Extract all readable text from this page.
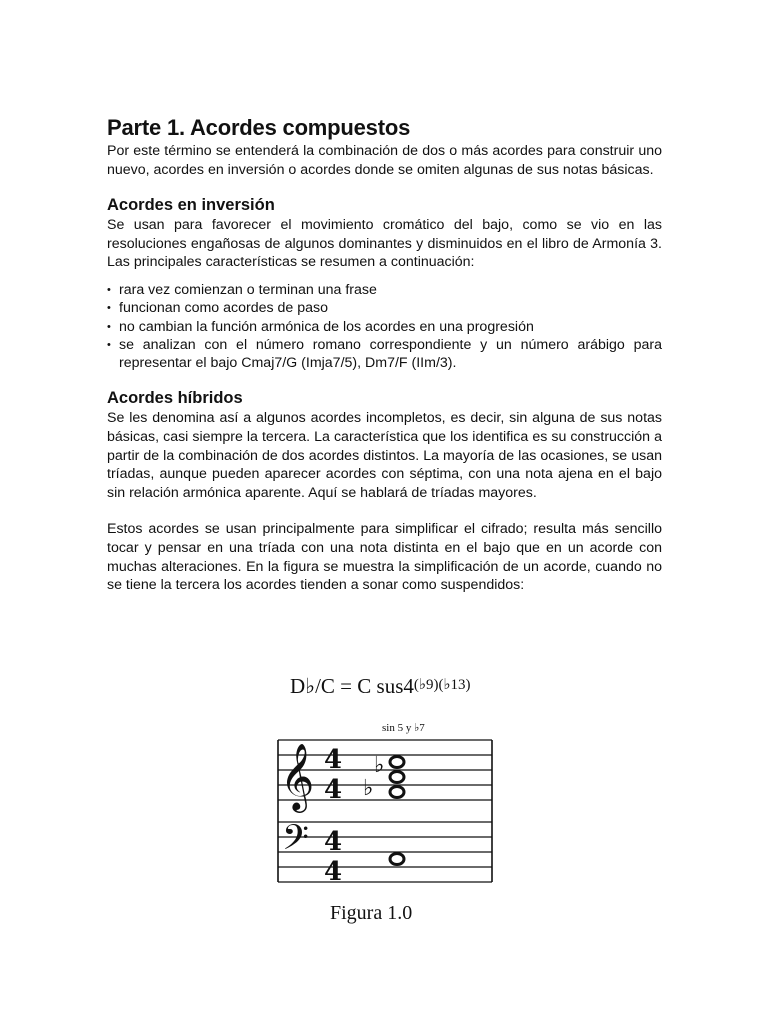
Parte 1. Acordes compuestos

Por este término se entenderá la combinación de dos o más acordes para construir uno nuevo, acordes en inversión o acordes donde se omiten algunas de sus notas básicas.

Acordes en inversión

Se usan para favorecer el movimiento cromático del bajo, como se vio en las resoluciones engañosas de algunos dominantes y disminuidos en el libro de Armonía 3. Las principales características se resumen a continuación:

• rara vez comienzan o terminan una frase
• funcionan como acordes de paso
• no cambian la función armónica de los acordes en una progresión
• se analizan con el número romano correspondiente y un número arábigo para representar el bajo Cmaj7/G (Imja7/5), Dm7/F (IIm/3).
Acordes híbridos

Se les denomina así a algunos acordes incompletos, es decir, sin alguna de sus notas básicas, casi siempre la tercera. La característica que los identifica es su construcción a partir de la combinación de dos acordes distintos. La mayoría de las ocasiones, se usan tríadas, aunque pueden aparecer acordes con séptima, con una nota ajena en el bajo sin relación armónica aparente. Aquí se hablará de tríadas mayores.

Estos acordes se usan principalmente para simplificar el cifrado; resulta más sencillo tocar y pensar en una tríada con una nota distinta en el bajo que en un acorde con muchas alteraciones. En la figura se muestra la simplificación de un acorde, cuando no se tiene la tercera los acordes tienden a sonar como suspendidos:

D♭/C = C $sus4^{(♭9)(♭13)}$
sin 5 y ♭7
𝄞
𝄢
4
4
4
4
♭
♭
Figura 1.0
